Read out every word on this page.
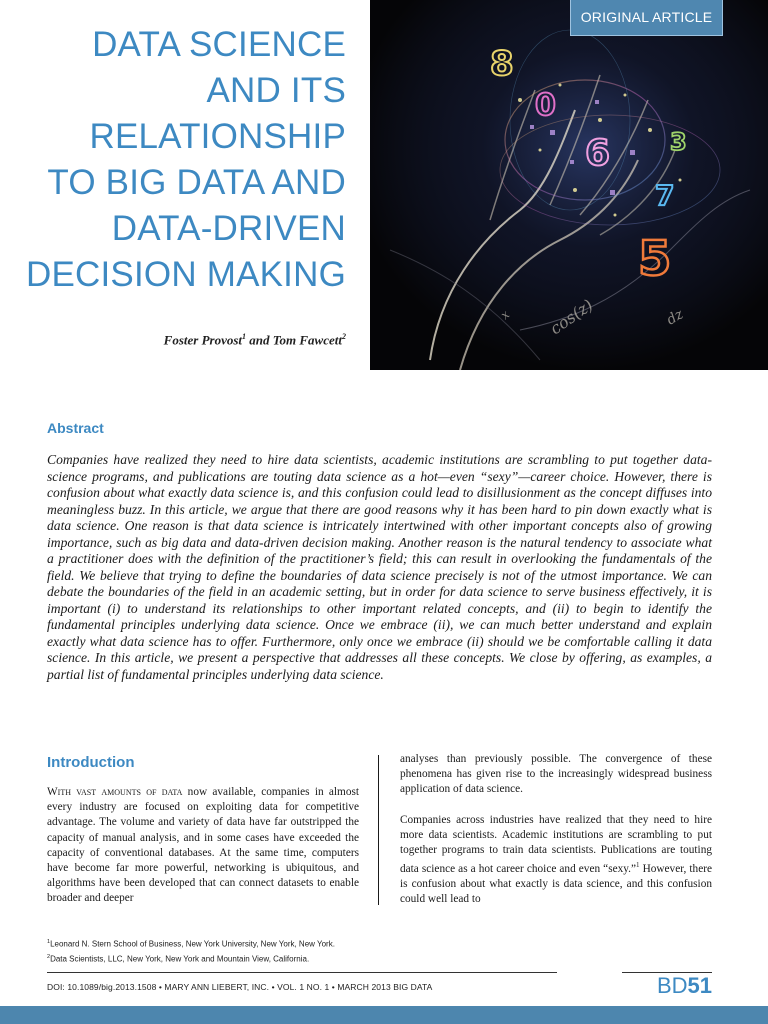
DATA SCIENCE
AND ITS
RELATIONSHIP
TO BIG DATA AND
DATA-DRIVEN
DECISION MAKING
Foster Provost$^1$ and Tom Fawcett$^2$
8
0
6
5
7
3
cos(z)	dz
x
ORIGINAL ARTICLE
Abstract

Companies have realized they need to hire data scientists, academic institutions are scrambling to put together data-science programs, and publications are touting data science as a hot—even “sexy”—career choice. However, there is confusion about what exactly data science is, and this confusion could lead to disillusionment as the concept diffuses into meaningless buzz. In this article, we argue that there are good reasons why it has been hard to pin down exactly what is data science. One reason is that data science is intricately intertwined with other important concepts also of growing importance, such as big data and data-driven decision making. Another reason is the natural tendency to associate what a practitioner does with the definition of the practitioner’s field; this can result in overlooking the fundamentals of the field. We believe that trying to define the boundaries of data science precisely is not of the utmost importance. We can debate the boundaries of the field in an academic setting, but in order for data science to serve business effectively, it is important (i) to understand its relationships to other important related concepts, and (ii) to begin to identify the fundamental principles underlying data science. Once we embrace (ii), we can much better understand and explain exactly what data science has to offer. Furthermore, only once we embrace (ii) should we be comfortable calling it data science. In this article, we present a perspective that addresses all these concepts. We close by offering, as examples, a partial list of fundamental principles underlying data science.

Introduction
With vast amounts of data now available, companies in almost every industry are focused on exploiting data for competitive advantage. The volume and variety of data have far outstripped the capacity of manual analysis, and in some cases have exceeded the capacity of conventional databases. At the same time, computers have become far more powerful, networking is ubiquitous, and algorithms have been developed that can connect datasets to enable broader and deeper

analyses than previously possible. The convergence of these phenomena has given rise to the increasingly widespread business application of data science.

Companies across industries have realized that they need to hire more data scientists. Academic institutions are scrambling to put together programs to train data scientists. Publications are touting data science as a hot career choice and even “sexy.”$^1$ However, there is confusion about what exactly is data science, and this confusion could well lead to

$^1$Leonard N. Stern School of Business, New York University, New York, New York.
$^2$Data Scientists, LLC, New York, New York and Mountain View, California.
DOI: 10.1089/big.2013.1508 • MARY ANN LIEBERT, INC. • VOL. 1 NO. 1 • MARCH 2013 BIG DATA	BD51
